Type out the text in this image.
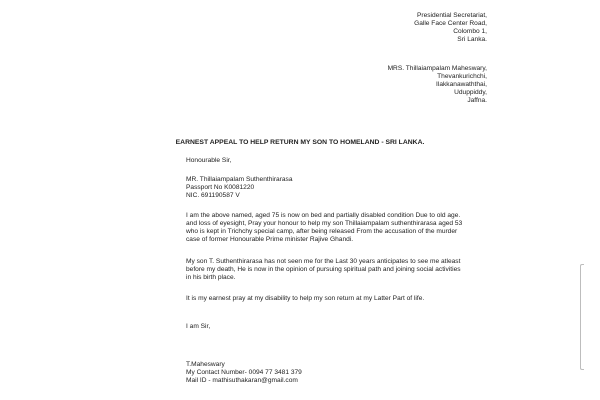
Presidential Secretariat,
Galle Face Center Road,
Colombo 1,
Sri Lanka.
MRS. Thillaiampalam Maheswary,
Thevankurichchi,
Ilakkanawaththai,
Uduppiddy,
Jaffna.
EARNEST APPEAL TO HELP RETURN MY SON TO HOMELAND - SRI LANKA.
Honourable Sir,
MR. Thillaiampalam Suthenthirarasa
Passport No K0081220
NIC. 691190587 V
I am the above named, aged 75 is now on bed and partially disabled condition Due to old age.
and loss of eyesight, Pray your honour to help my son Thillaiampalam suthenthirarasa aged 53
who is kept in Trichchy special camp, after being released From the accusation of the murder
case of former Honourable Prime minister Rajive Ghandi.
My son T. Suthenthirarasa has not seen me for the Last 30 years anticipates to see me atleast
before my death, He is now in the opinion of pursuing spiritual path and joining social activities
in his birth place.
It is my earnest pray at my disability to help my son return at my Latter Part of life.
I am Sir,
T.Maheswary
My Contact Number- 0094 77 3481 379
Mail ID - mathisuthakaran@gmail.com
